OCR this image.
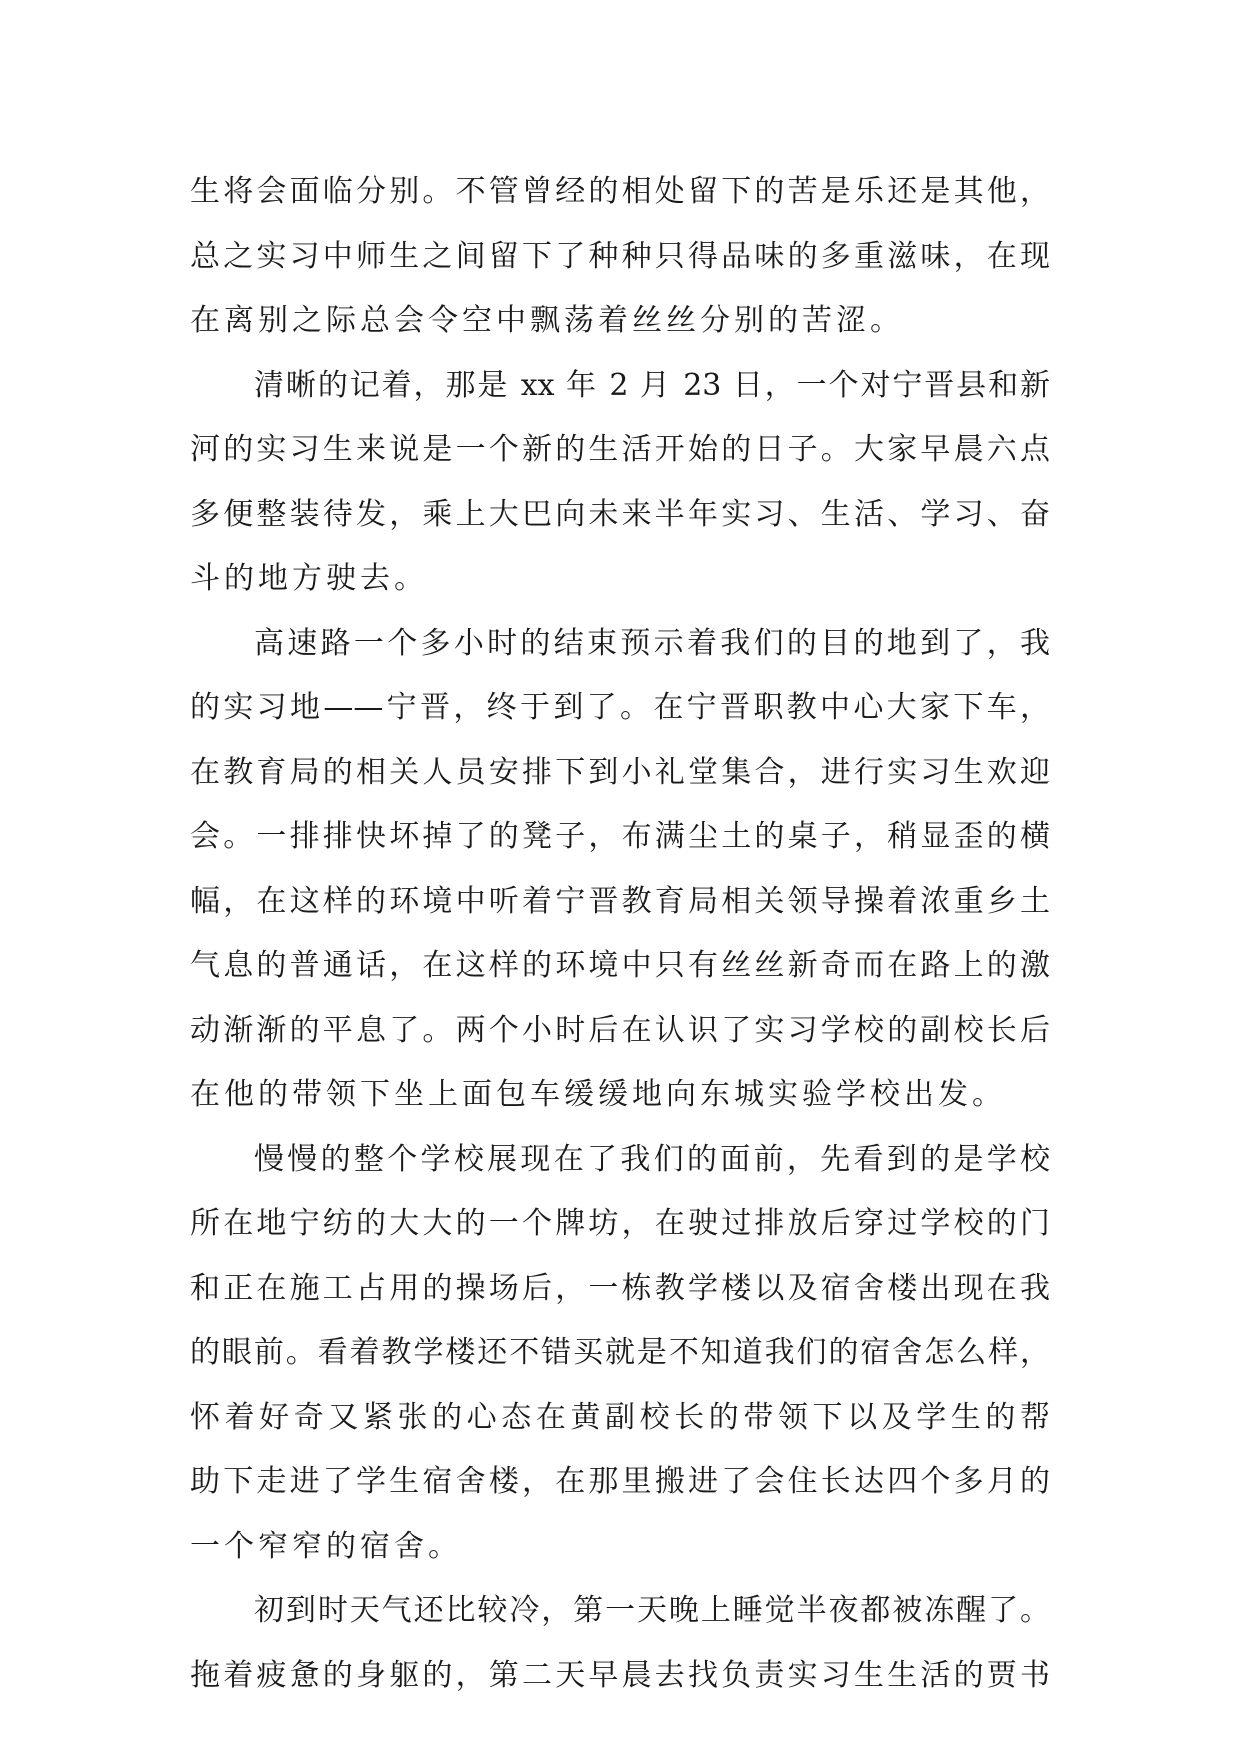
生将会面临分别。不管曾经的相处留下的苦是乐还是其他，
总之实习中师生之间留下了种种只得品味的多重滋味，在现
在离别之际总会令空中飘荡着丝丝分别的苦涩。
清晰的记着，那是 xx 年 2 月 23 日，一个对宁晋县和新
河的实习生来说是一个新的生活开始的日子。大家早晨六点
多便整装待发，乘上大巴向未来半年实习、生活、学习、奋
斗的地方驶去。
高速路一个多小时的结束预示着我们的目的地到了，我
的实习地——宁晋，终于到了。在宁晋职教中心大家下车，
在教育局的相关人员安排下到小礼堂集合，进行实习生欢迎
会。一排排快坏掉了的凳子，布满尘土的桌子，稍显歪的横
幅，在这样的环境中听着宁晋教育局相关领导操着浓重乡土
气息的普通话，在这样的环境中只有丝丝新奇而在路上的激
动渐渐的平息了。两个小时后在认识了实习学校的副校长后
在他的带领下坐上面包车缓缓地向东城实验学校出发。
慢慢的整个学校展现在了我们的面前，先看到的是学校
所在地宁纺的大大的一个牌坊，在驶过排放后穿过学校的门
和正在施工占用的操场后，一栋教学楼以及宿舍楼出现在我
的眼前。看着教学楼还不错买就是不知道我们的宿舍怎么样，
怀着好奇又紧张的心态在黄副校长的带领下以及学生的帮
助下走进了学生宿舍楼，在那里搬进了会住长达四个多月的
一个窄窄的宿舍。
初到时天气还比较冷，第一天晚上睡觉半夜都被冻醒了。
拖着疲惫的身躯的，第二天早晨去找负责实习生生活的贾书
